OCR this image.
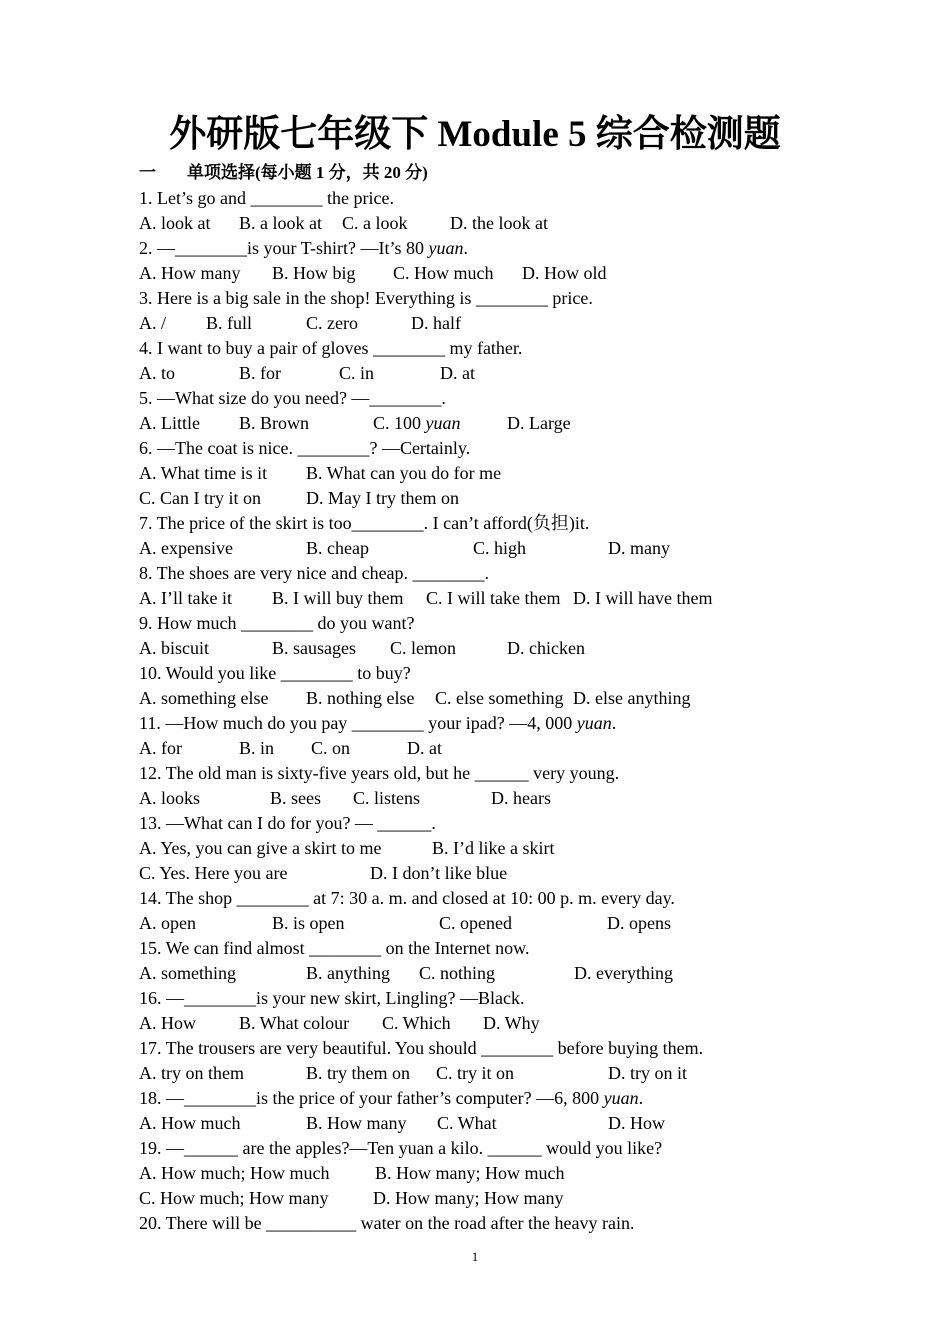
外研版七年级下 Module 5 综合检测题
一 单项选择(每小题 1 分，共 20 分)
1. Let’s go and ________ the price.
A. look at B. a look at C. a look D. the look at
2. —________is your T-shirt? —It’s 80 yuan.
A. How many B. How big C. How much D. How old
3. Here is a big sale in the shop! Everything is ________ price.
A. / B. full	C. zero	D. half
4. I want to buy a pair of gloves ________ my father.
A. to	B. for	C. in	D. at
5. —What size do you need? —________.
A. Little B. Brown	C. 100 yuan	D. Large
6. —The coat is nice. ________? —Certainly.
A. What time is it B. What can you do for me
C. Can I try it on	D. May I try them on
7. The price of the skirt is too________. I can’t afford(负担)it.
A. expensive	B. cheap	C. high	D. many
8. The shoes are very nice and cheap. ________.
A. I’ll take it B. I will buy them C. I will take them D. I will have them
9. How much ________ do you want?
A. biscuit	B. sausages C. lemon	D. chicken
10. Would you like ________ to buy?
A. something else B. nothing else C. else something D. else anything
11. —How much do you pay ________ your ipad? —4, 000 yuan.
A. for	B. in C. on	D. at
12. The old man is sixty-five years old, but he ______ very young.
A. looks	B. sees C. listens	D. hears
13. —What can I do for you? — ______.
A. Yes, you can give a skirt to me	B. I’d like a skirt
C. Yes. Here you are	D. I don’t like blue
14. The shop ________ at 7: 30 a. m. and closed at 10: 00 p. m. every day.
A. open	B. is open	C. opened	D. opens
15. We can find almost ________ on the Internet now.
A. something	B. anything C. nothing	D. everything
16. —________is your new skirt, Lingling? —Black.
A. How B. What colour C. Which D. Why
17. The trousers are very beautiful. You should ________ before buying them.
A. try on them	B. try them on C. try it on	D. try on it
18. —________is the price of your father’s computer? —6, 800 yuan.
A. How much	B. How many C. What	D. How
19. —______ are the apples?—Ten yuan a kilo. ______ would you like?
A. How much; How much	B. How many; How much
C. How much; How many D. How many; How many
20. There will be __________ water on the road after the heavy rain.
1
